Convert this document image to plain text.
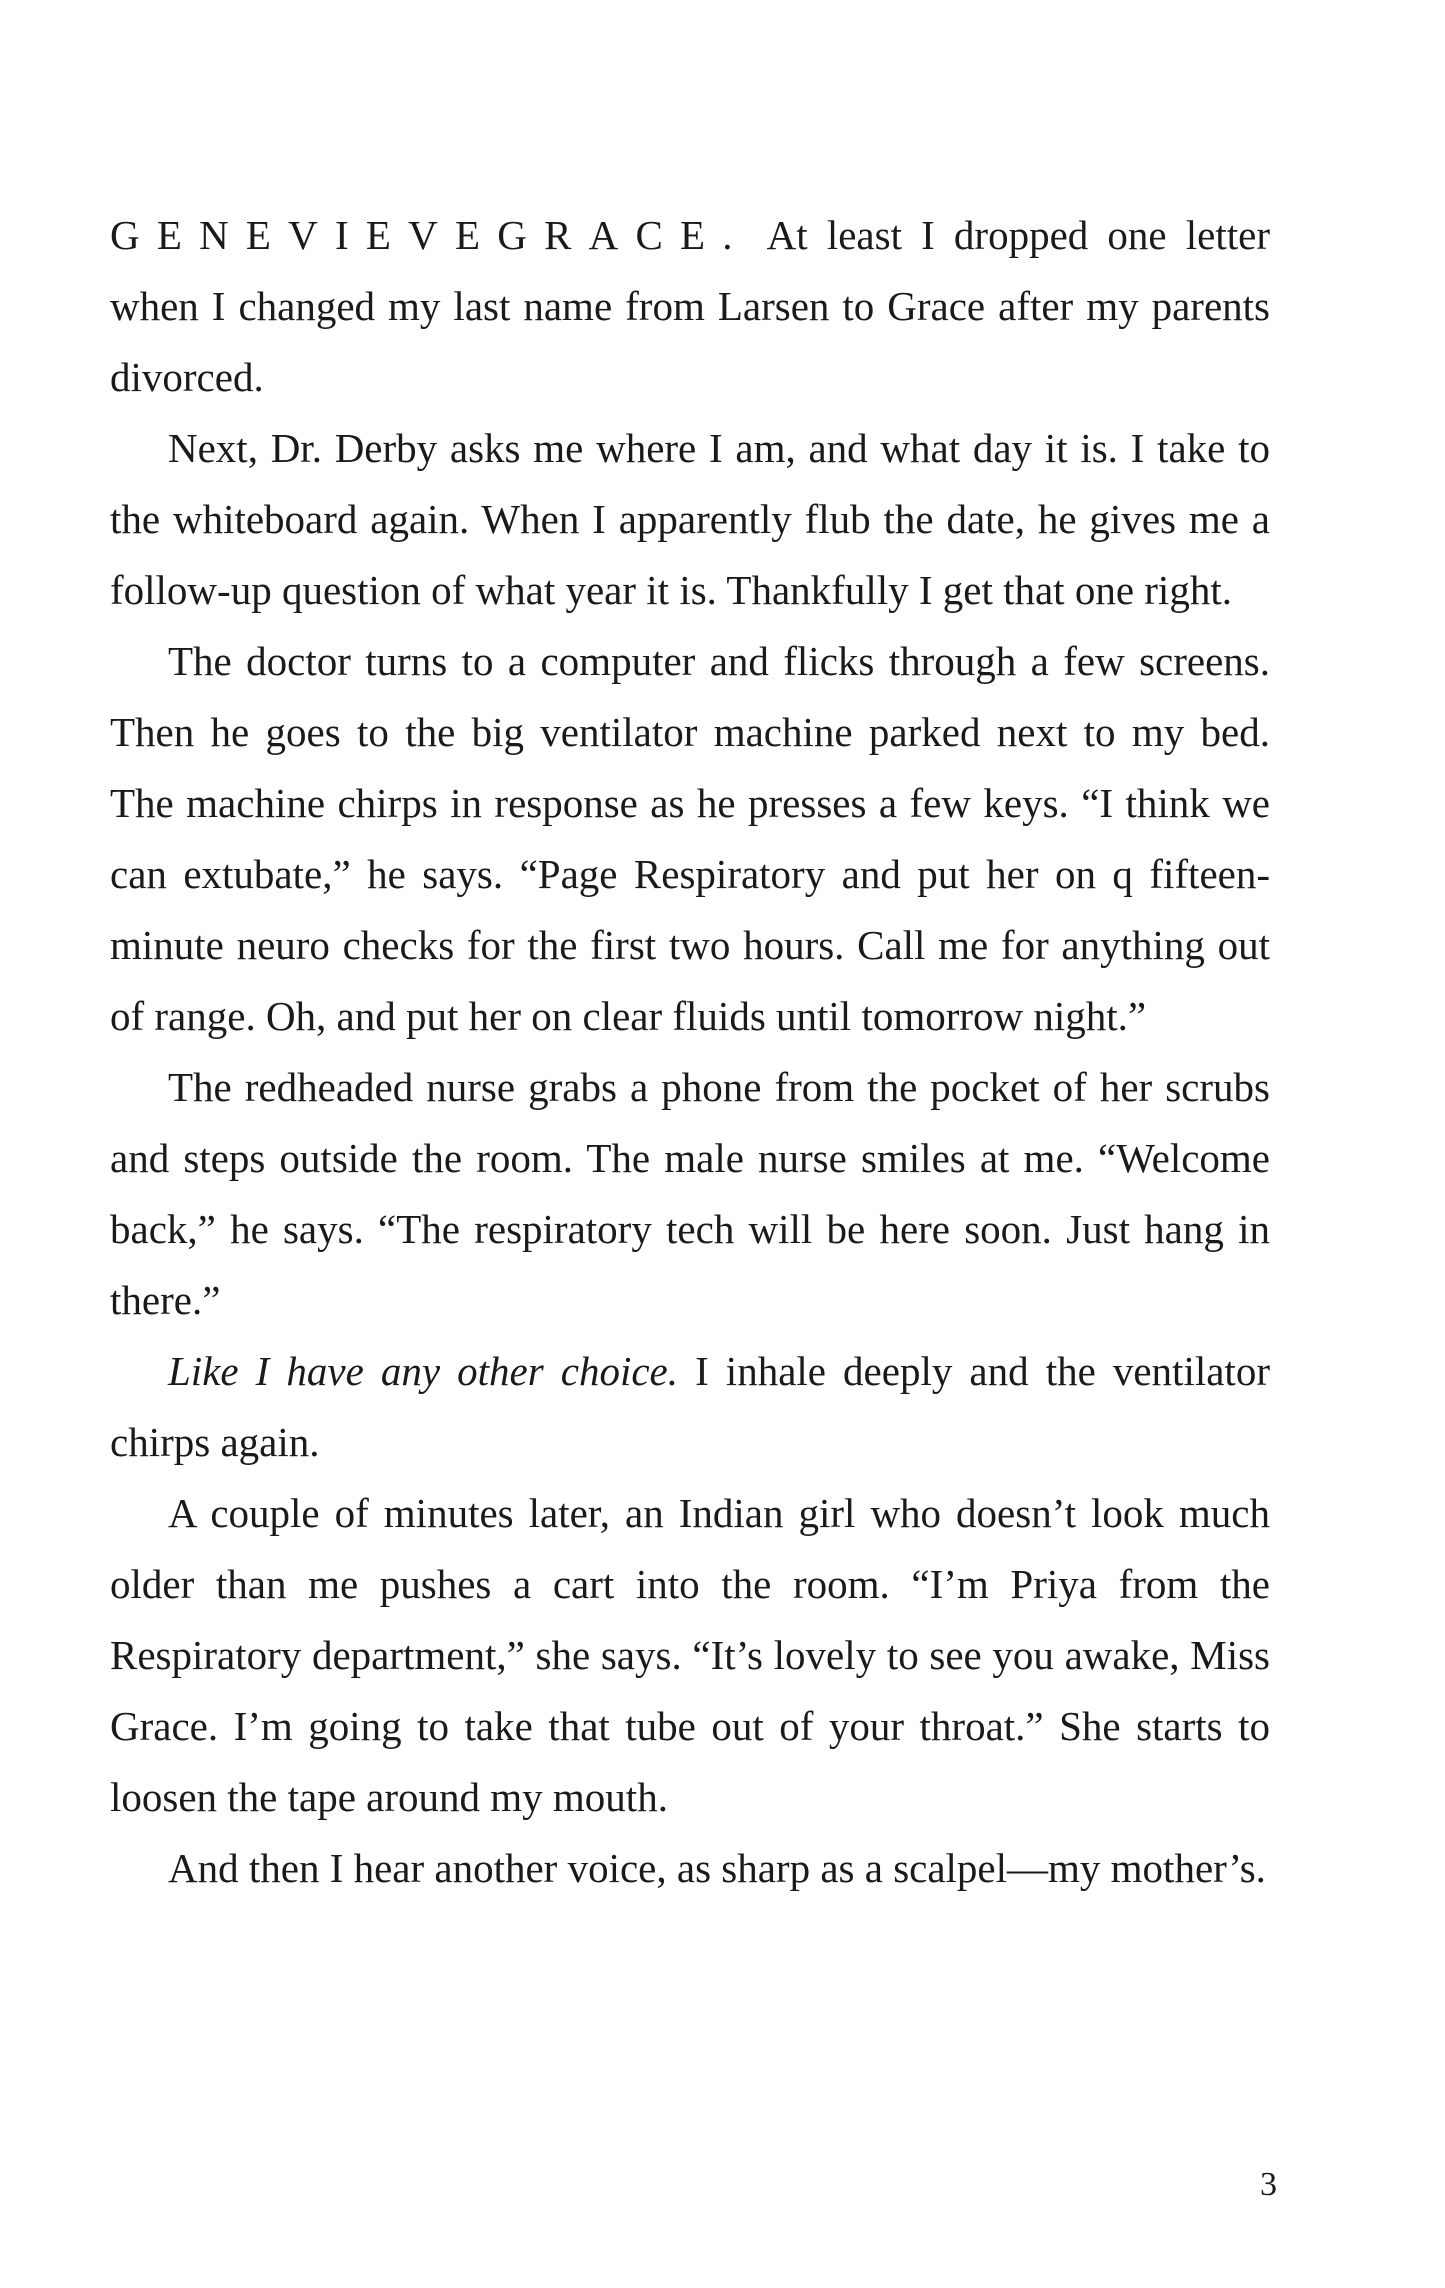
GENEVIEVEGRACE. At least I dropped one letter when I changed my last name from Larsen to Grace after my parents divorced.

Next, Dr. Derby asks me where I am, and what day it is. I take to the whiteboard again. When I apparently flub the date, he gives me a follow-up question of what year it is. Thankfully I get that one right.

The doctor turns to a computer and flicks through a few screens. Then he goes to the big ventilator machine parked next to my bed. The machine chirps in response as he presses a few keys. “I think we can extubate,” he says. “Page Respiratory and put her on q fifteen-minute neuro checks for the first two hours. Call me for anything out of range. Oh, and put her on clear fluids until tomorrow night.”

The redheaded nurse grabs a phone from the pocket of her scrubs and steps outside the room. The male nurse smiles at me. “Welcome back,” he says. “The respiratory tech will be here soon. Just hang in there.”

Like I have any other choice. I inhale deeply and the ventilator chirps again.

A couple of minutes later, an Indian girl who doesn’t look much older than me pushes a cart into the room. “I’m Priya from the Respiratory department,” she says. “It’s lovely to see you awake, Miss Grace. I’m going to take that tube out of your throat.” She starts to loosen the tape around my mouth.

And then I hear another voice, as sharp as a scalpel—my mother’s.

3
